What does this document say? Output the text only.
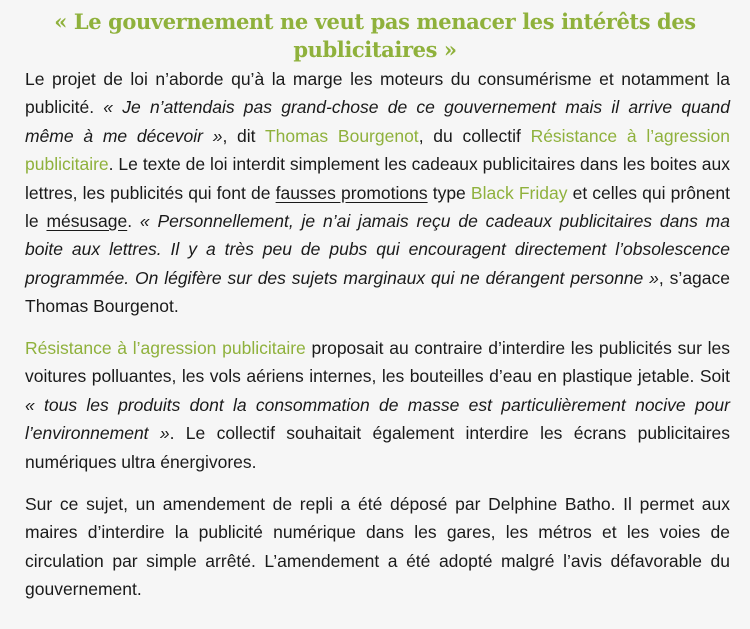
« Le gouvernement ne veut pas menacer les intérêts des publicitaires »

Le projet de loi n’aborde qu’à la marge les moteurs du consumérisme et notamment la publicité. « Je n’attendais pas grand-chose de ce gouvernement mais il arrive quand même à me décevoir », dit Thomas Bourgenot, du collectif Résistance à l’agression publicitaire. Le texte de loi interdit simplement les cadeaux publicitaires dans les boites aux lettres, les publicités qui font de fausses promotions type Black Friday et celles qui prônent le mésusage. « Personnellement, je n’ai jamais reçu de cadeaux publicitaires dans ma boite aux lettres. Il y a très peu de pubs qui encouragent directement l’obsolescence programmée. On légifère sur des sujets marginaux qui ne dérangent personne », s’agace Thomas Bourgenot.

Résistance à l’agression publicitaire proposait au contraire d’interdire les publicités sur les voitures polluantes, les vols aériens internes, les bouteilles d’eau en plastique jetable. Soit « tous les produits dont la consommation de masse est particulièrement nocive pour l’environnement ». Le collectif souhaitait également interdire les écrans publicitaires numériques ultra énergivores.

Sur ce sujet, un amendement de repli a été déposé par Delphine Batho. Il permet aux maires d’interdire la publicité numérique dans les gares, les métros et les voies de circulation par simple arrêté. L’amendement a été adopté malgré l’avis défavorable du gouvernement.
